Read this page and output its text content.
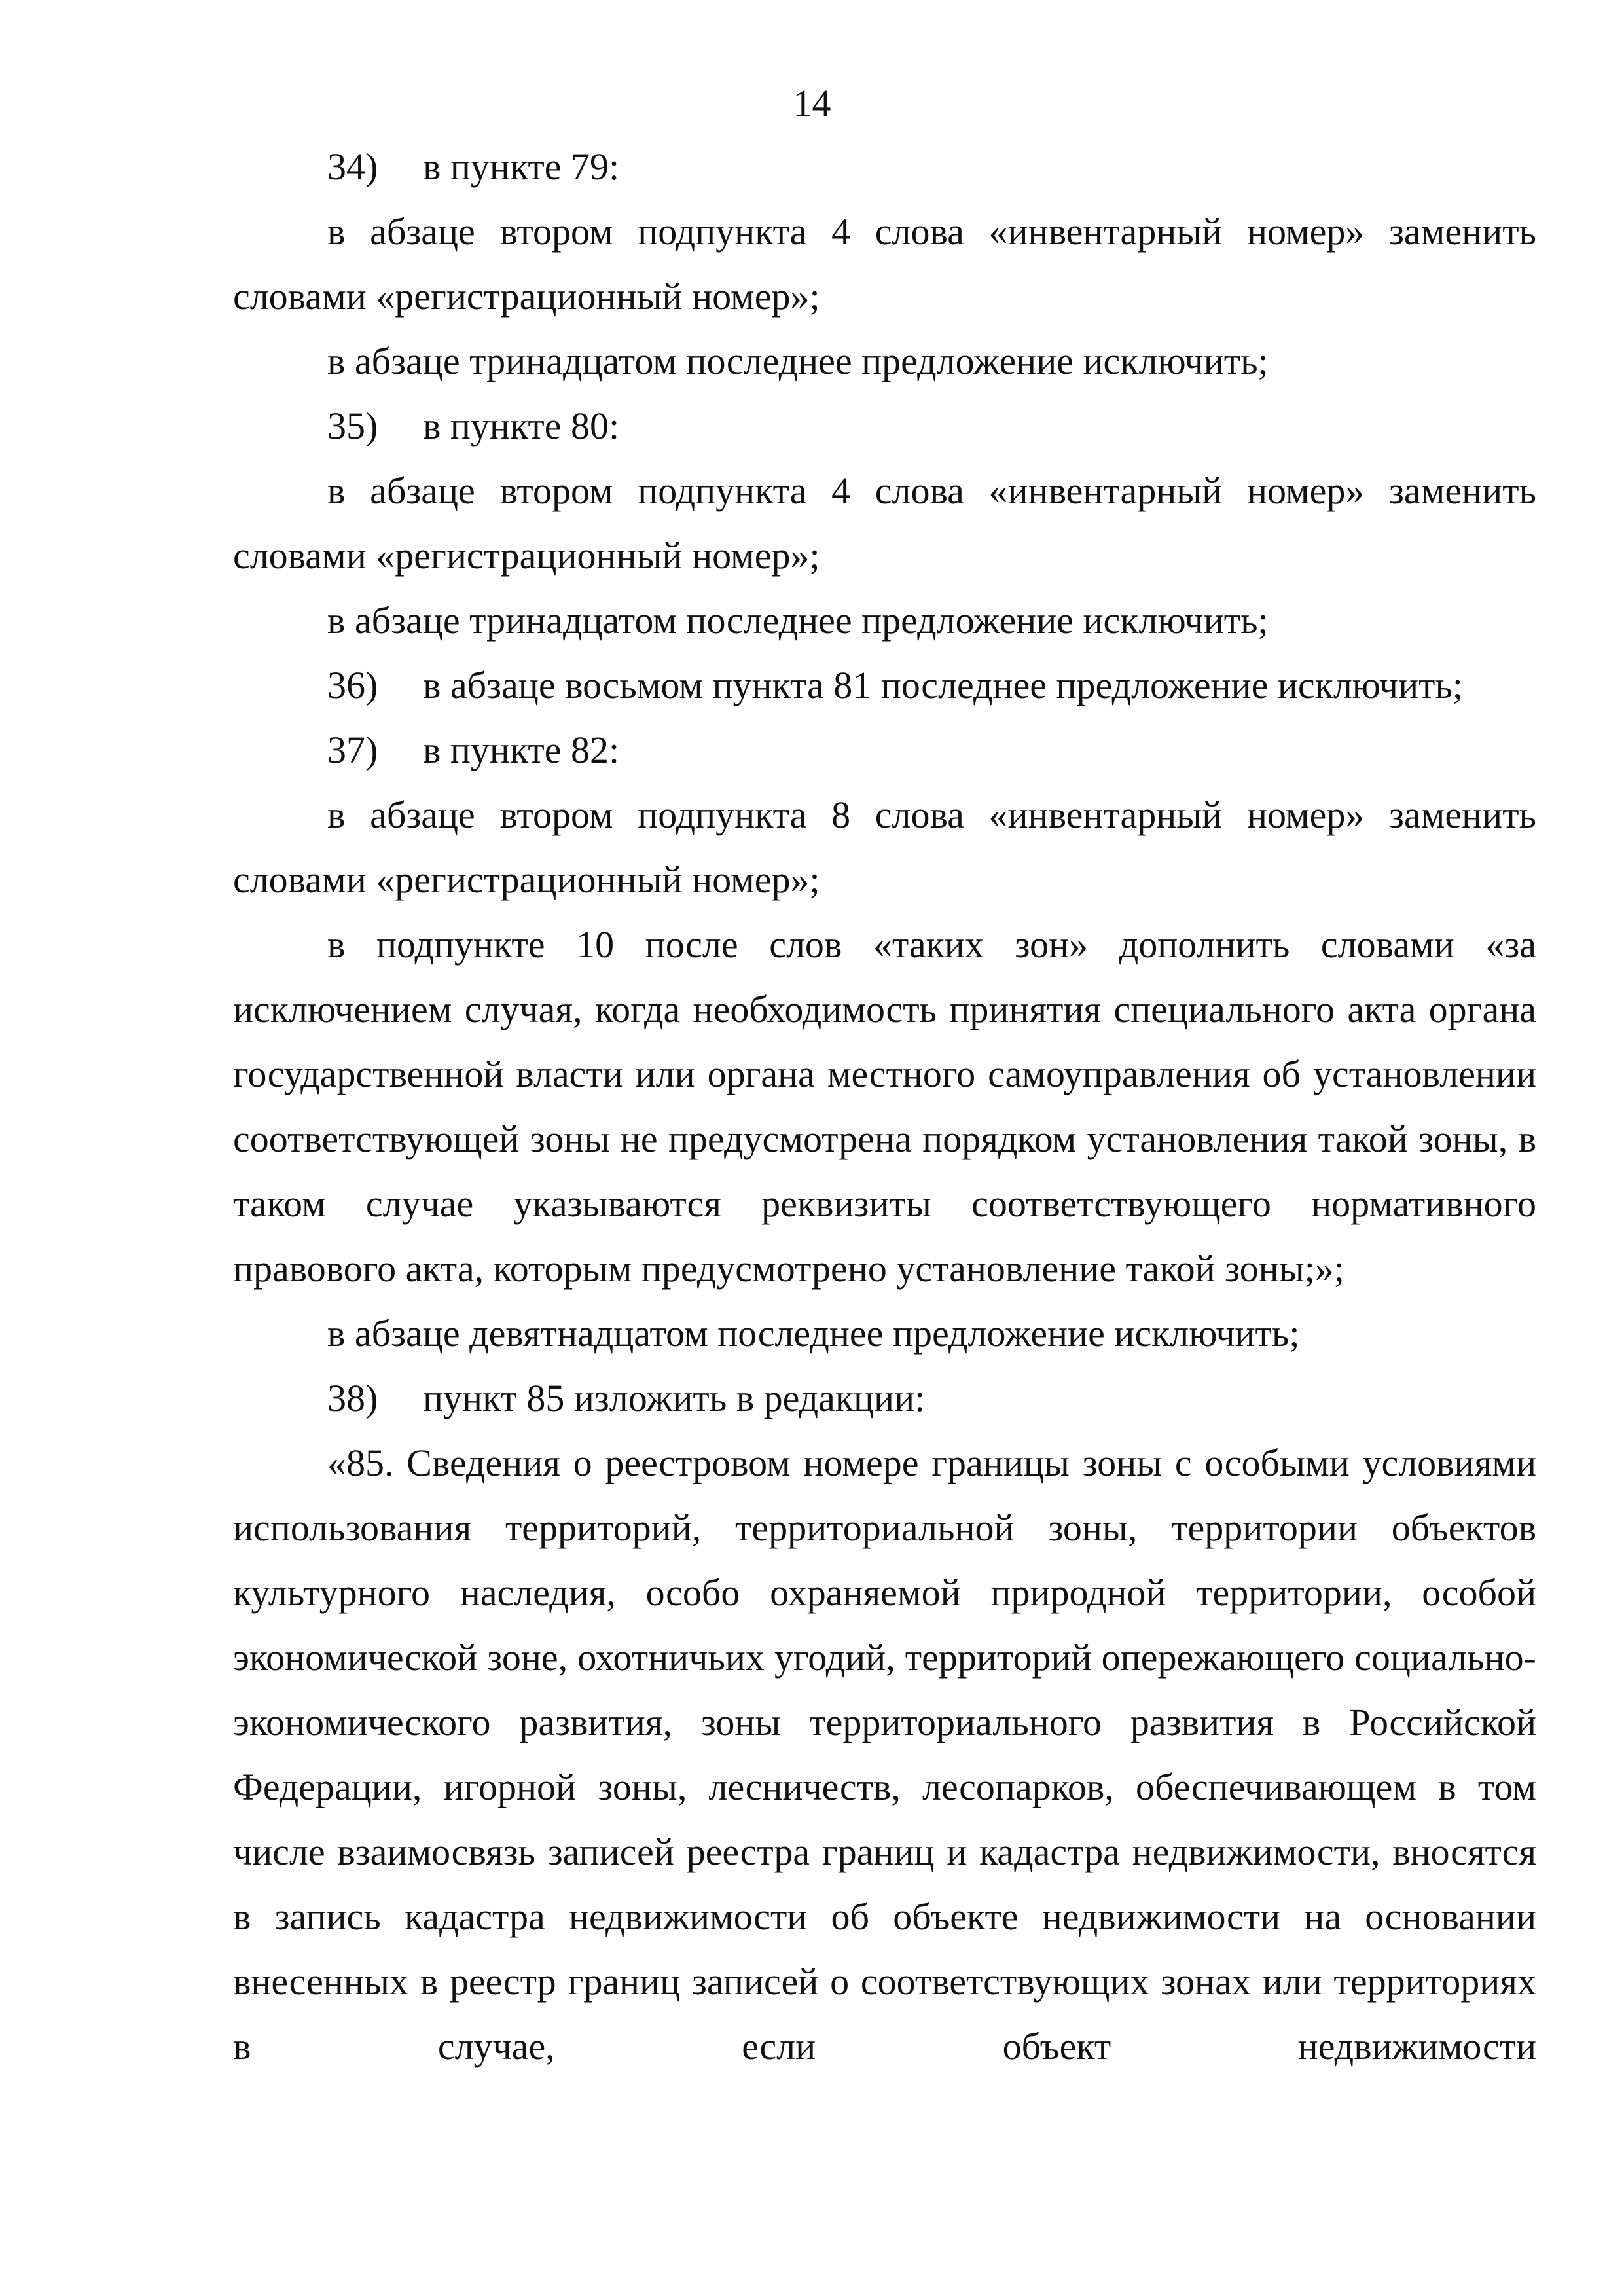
14

34) в пункте 79:

в абзаце втором подпункта 4 слова «инвентарный номер» заменить словами «регистрационный номер»;

в абзаце тринадцатом последнее предложение исключить;

35) в пункте 80:

в абзаце втором подпункта 4 слова «инвентарный номер» заменить словами «регистрационный номер»;

в абзаце тринадцатом последнее предложение исключить;

36) в абзаце восьмом пункта 81 последнее предложение исключить;

37) в пункте 82:

в абзаце втором подпункта 8 слова «инвентарный номер» заменить словами «регистрационный номер»;

в подпункте 10 после слов «таких зон» дополнить словами «за исключением случая, когда необходимость принятия специального акта органа государственной власти или органа местного самоуправления об установлении соответствующей зоны не предусмотрена порядком установления такой зоны, в таком случае указываются реквизиты соответствующего нормативного правового акта, которым предусмотрено установление такой зоны;»;

в абзаце девятнадцатом последнее предложение исключить;

38) пункт 85 изложить в редакции:

«85. Сведения о реестровом номере границы зоны с особыми условиями использования территорий, территориальной зоны, территории объектов культурного наследия, особо охраняемой природной территории, особой экономической зоне, охотничьих угодий, территорий опережающего социально-экономического развития, зоны территориального развития в Российской Федерации, игорной зоны, лесничеств, лесопарков, обеспечивающем в том числе взаимосвязь записей реестра границ и кадастра недвижимости, вносятся в запись кадастра недвижимости об объекте недвижимости на основании внесенных в реестр границ записей о соответствующих зонах или территориях в случае, если объект недвижимости
